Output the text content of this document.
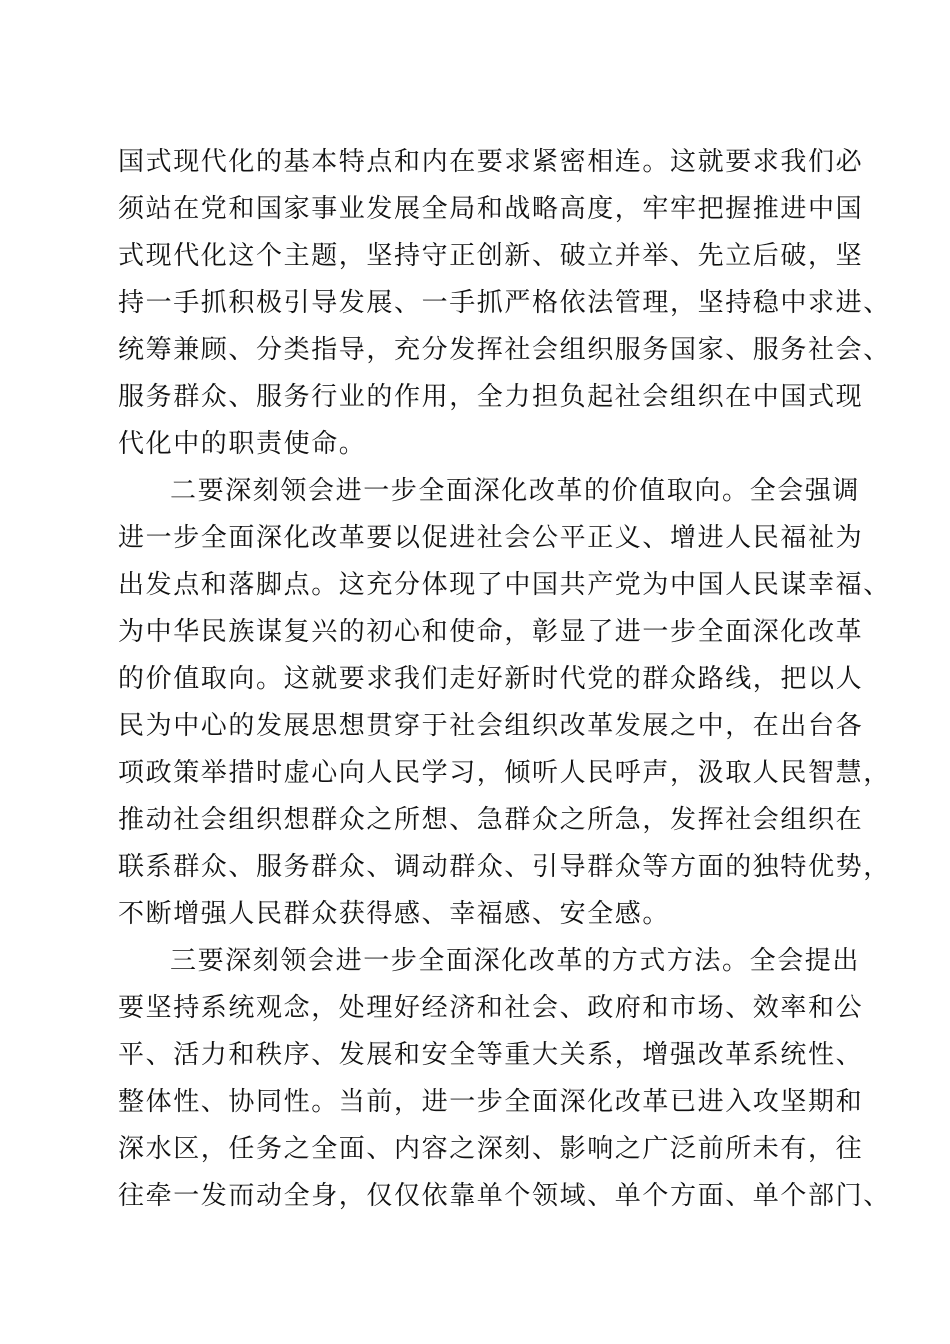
国式现代化的基本特点和内在要求紧密相连。这就要求我们必
须站在党和国家事业发展全局和战略高度，牢牢把握推进中国
式现代化这个主题，坚持守正创新、破立并举、先立后破，坚
持一手抓积极引导发展、一手抓严格依法管理，坚持稳中求进、
统筹兼顾、分类指导，充分发挥社会组织服务国家、服务社会、
服务群众、服务行业的作用，全力担负起社会组织在中国式现
代化中的职责使命。
二要深刻领会进一步全面深化改革的价值取向。全会强调
进一步全面深化改革要以促进社会公平正义、增进人民福祉为
出发点和落脚点。这充分体现了中国共产党为中国人民谋幸福、
为中华民族谋复兴的初心和使命，彰显了进一步全面深化改革
的价值取向。这就要求我们走好新时代党的群众路线，把以人
民为中心的发展思想贯穿于社会组织改革发展之中，在出台各
项政策举措时虚心向人民学习，倾听人民呼声，汲取人民智慧，
推动社会组织想群众之所想、急群众之所急，发挥社会组织在
联系群众、服务群众、调动群众、引导群众等方面的独特优势，
不断增强人民群众获得感、幸福感、安全感。
三要深刻领会进一步全面深化改革的方式方法。全会提出
要坚持系统观念，处理好经济和社会、政府和市场、效率和公
平、活力和秩序、发展和安全等重大关系，增强改革系统性、
整体性、协同性。当前，进一步全面深化改革已进入攻坚期和
深水区，任务之全面、内容之深刻、影响之广泛前所未有，往
往牵一发而动全身，仅仅依靠单个领域、单个方面、单个部门、
